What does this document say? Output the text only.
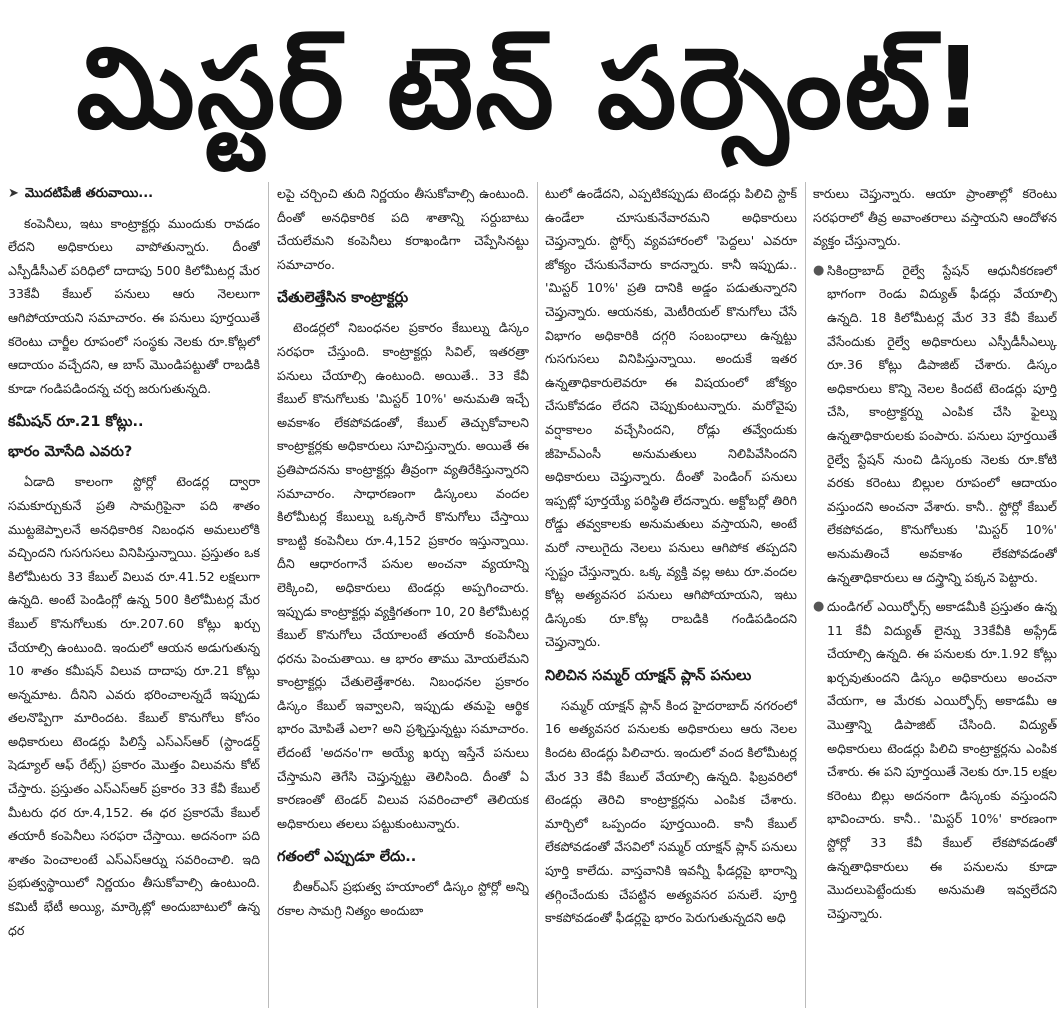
మిస్టర్ టెన్ పర్సెంట్!
➤ మొదటిపేజీ తరువాయి...

కంపెనీలు, ఇటు కాంట్రాక్టర్లు ముందుకు రావడం లేదని అధికారులు వాపోతున్నారు. దీంతో ఎస్పీడీసీఎల్ పరిధిలో దాదాపు 500 కిలోమీటర్ల మేర 33కేవీ కేబుల్ పనులు ఆరు నెలలుగా ఆగిపోయాయని సమాచారం. ఈ పనులు పూర్తయితే కరెంటు చార్జీల రూపంలో సంస్థకు నెలకు రూ.కోట్లలో ఆదాయం వచ్చేదని, ఆ బాస్ మొండిపట్టుతో రాబడికి కూడా గండిపడిందన్న చర్చ జరుగుతున్నది.

కమీషన్ రూ.21 కోట్లు..
భారం మోసేది ఎవరు?

ఏడాది కాలంగా స్టోర్లో టెండర్ల ద్వారా సమకూర్చుకునే ప్రతి సామగ్రిపైనా పది శాతం ముట్టజెప్పాలనే అనధికారిక నిబంధన అమలులోకి వచ్చిందని గుసగుసలు వినిపిస్తున్నాయి. ప్రస్తుతం ఒక కిలోమీటరు 33 కేబుల్ విలువ రూ.41.52 లక్షలుగా ఉన్నది. అంటే పెండింగ్లో ఉన్న 500 కిలోమీటర్ల మేర కేబుల్ కొనుగోలుకు రూ.207.60 కోట్లు ఖర్చు చేయాల్సి ఉంటుంది. ఇందులో ఆయన అడుగుతున్న 10 శాతం కమీషన్ విలువ దాదాపు రూ.21 కోట్లు అన్నమాట. దీనిని ఎవరు భరించాలన్నదే ఇప్పుడు తలనొప్పిగా మారిందట. కేబుల్ కొనుగోలు కోసం అధికారులు టెండర్లు పిలిస్తే ఎస్ఎస్ఆర్ (స్టాండర్డ్ షెడ్యూల్ ఆఫ్ రేట్స్) ప్రకారం మొత్తం విలువను కోట్ చేస్తారు. ప్రస్తుతం ఎస్ఎస్ఆర్ ప్రకారం 33 కేవీ కేబుల్ మీటరు ధర రూ.4,152. ఈ ధర ప్రకారమే కేబుల్ తయారీ కంపెనీలు సరఫరా చేస్తాయి. అదనంగా పది శాతం పెంచాలంటే ఎస్ఎస్ఆర్ను సవరించాలి. ఇది ప్రభుత్వస్థాయిలో నిర్ణయం తీసుకోవాల్సి ఉంటుంది. కమిటీ భేటీ అయ్యి, మార్కెట్లో అందుబాటులో ఉన్న ధర

లపై చర్చించి తుది నిర్ణయం తీసుకోవాల్సి ఉంటుంది. దీంతో అనధికారిక పది శాతాన్ని సర్దుబాటు చేయలేమని కంపెనీలు కరాఖండిగా చెప్పేసినట్టు సమాచారం.

చేతులెత్తేసిన కాంట్రాక్టర్లు

టెండర్లలో నిబంధనల ప్రకారం కేబుల్ను డిస్కం సరఫరా చేస్తుంది. కాంట్రాక్టర్లు సివిల్, ఇతరత్రా పనులు చేయాల్సి ఉంటుంది. అయితే.. 33 కేవీ కేబుల్ కొనుగోలుకు 'మిస్టర్ 10%' అనుమతి ఇచ్చే అవకాశం లేకపోవడంతో, కేబుల్ తెచ్చుకోవాలని కాంట్రాక్టర్లకు అధికారులు సూచిస్తున్నారు. అయితే ఈ ప్రతిపాదనను కాంట్రాక్టర్లు తీవ్రంగా వ్యతిరేకిస్తున్నారని సమాచారం. సాధారణంగా డిస్కంలు వందల కిలోమీటర్ల కేబుల్ను ఒక్కసారే కొనుగోలు చేస్తాయి కాబట్టి కంపెనీలు రూ.4,152 ప్రకారం ఇస్తున్నాయి. దీని ఆధారంగానే పనుల అంచనా వ్యయాన్ని లెక్కించి, అధికారులు టెండర్లు అప్పగించారు. ఇప్పుడు కాంట్రాక్టర్లు వ్యక్తిగతంగా 10, 20 కిలోమీటర్ల కేబుల్ కొనుగోలు చేయాలంటే తయారీ కంపెనీలు ధరను పెంచుతాయి. ఆ భారం తాము మోయలేమని కాంట్రాక్టర్లు చేతులెత్తేశారట. నిబంధనల ప్రకారం డిస్కం కేబుల్ ఇవ్వాలని, ఇప్పుడు తమపై ఆర్థిక భారం మోపితే ఎలా? అని ప్రశ్నిస్తున్నట్టు సమాచారం. లేదంటే 'అదనం'గా అయ్యే ఖర్చు ఇస్తేనే పనులు చేస్తామని తెగేసి చెప్తున్నట్టు తెలిసింది. దీంతో ఏ కారణంతో టెండర్ విలువ సవరించాలో తెలియక అధికారులు తలలు పట్టుకుంటున్నారు.

గతంలో ఎప్పుడూ లేదు..

బీఆర్ఎస్ ప్రభుత్వ హయాంలో డిస్కం స్టోర్లో అన్ని రకాల సామగ్రి నిత్యం అందుబా

టులో ఉండేదని, ఎప్పటికప్పుడు టెండర్లు పిలిచి స్టాక్ ఉండేలా చూసుకునేవారమని అధికారులు చెప్తున్నారు. స్టోర్స్ వ్యవహారంలో 'పెద్దలు' ఎవరూ జోక్యం చేసుకునేవారు కాదన్నారు. కానీ ఇప్పుడు.. 'మిస్టర్ 10%' ప్రతి దానికి అడ్డం పడుతున్నారని చెప్తున్నారు. ఆయనకు, మెటీరియల్ కొనుగోలు చేసే విభాగం అధికారికి దగ్గరి సంబంధాలు ఉన్నట్టు గుసగుసలు వినిపిస్తున్నాయి. అందుకే ఇతర ఉన్నతాధికారులెవరూ ఈ విషయంలో జోక్యం చేసుకోవడం లేదని చెప్పుకుంటున్నారు. మరోవైపు వర్షాకాలం వచ్చేసిందని, రోడ్లు తవ్వేందుకు జీహెచ్ఎంసీ అనుమతులు నిలిపివేసిందని అధికారులు చెప్తున్నారు. దీంతో పెండింగ్ పనులు ఇప్పట్లో పూర్తయ్యే పరిస్థితి లేదన్నారు. అక్టోబర్లో తిరిగి రోడ్డు తవ్వకాలకు అనుమతులు వస్తాయని, అంటే మరో నాలుగైదు నెలలు పనులు ఆగిపోక తప్పదని స్పష్టం చేస్తున్నారు. ఒక్క వ్యక్తి వల్ల అటు రూ.వందల కోట్ల అత్యవసర పనులు ఆగిపోయాయని, ఇటు డిస్కంకు రూ.కోట్ల రాబడికి గండిపడిందని చెప్తున్నారు.

నిలిచిన సమ్మర్ యాక్షన్ ప్లాన్ పనులు

సమ్మర్ యాక్షన్ ప్లాన్ కింద హైదరాబాద్ నగరంలో 16 అత్యవసర పనులకు అధికారులు ఆరు నెలల కిందట టెండర్లు పిలిచారు. ఇందులో వంద కిలోమీటర్ల మేర 33 కేవీ కేబుల్ వేయాల్సి ఉన్నది. ఫిబ్రవరిలో టెండర్లు తెరిచి కాంట్రాక్టర్లను ఎంపిక చేశారు. మార్చిలో ఒప్పందం పూర్తయింది. కానీ కేబుల్ లేకపోవడంతో వేసవిలో సమ్మర్ యాక్షన్ ప్లాన్ పనులు పూర్తి కాలేదు. వాస్తవానికి ఇవన్నీ ఫీడర్లపై భారాన్ని తగ్గించేందుకు చేపట్టిన అత్యవసర పనులే. పూర్తి కాకపోవడంతో ఫీడర్లపై భారం పెరుగుతున్నదని అధి

కారులు చెప్తున్నారు. ఆయా ప్రాంతాల్లో కరెంటు సరఫరాలో తీవ్ర అవాంతరాలు వస్తాయని ఆందోళన వ్యక్తం చేస్తున్నారు.

● సికింద్రాబాద్ రైల్వే స్టేషన్ ఆధునీకరణలో భాగంగా రెండు విద్యుత్ ఫీడర్లు వేయాల్సి ఉన్నది. 18 కిలోమీటర్ల మేర 33 కేవీ కేబుల్ వేసేందుకు రైల్వే అధికారులు ఎస్పీడీసీఎల్కు రూ.36 కోట్లు డిపాజిట్ చేశారు. డిస్కం అధికారులు కొన్ని నెలల కిందటే టెండర్లు పూర్తి చేసి, కాంట్రాక్టర్ను ఎంపిక చేసి ఫైల్ను ఉన్నతాధికారులకు పంపారు. పనులు పూర్తయితే రైల్వే స్టేషన్ నుంచి డిస్కంకు నెలకు రూ.కోటి వరకు కరెంటు బిల్లుల రూపంలో ఆదాయం వస్తుందని అంచనా వేశారు. కానీ.. స్టోర్లో కేబుల్ లేకపోవడం, కొనుగోలుకు 'మిస్టర్ 10%' అనుమతించే అవకాశం లేకపోవడంతో ఉన్నతాధికారులు ఆ దస్త్రాన్ని పక్కన పెట్టారు.
● దుండిగల్ ఎయిర్ఫోర్స్ అకాడమీకి ప్రస్తుతం ఉన్న 11 కేవీ విద్యుత్ లైన్ను 33కేవీకి అప్గ్రేడ్ చేయాల్సి ఉన్నది. ఈ పనులకు రూ.1.92 కోట్లు ఖర్చవుతుందని డిస్కం అధికారులు అంచనా వేయగా, ఆ మేరకు ఎయిర్ఫోర్స్ అకాడమీ ఆ మొత్తాన్ని డిపాజిట్ చేసింది. విద్యుత్ అధికారులు టెండర్లు పిలిచి కాంట్రాక్టర్లను ఎంపిక చేశారు. ఈ పని పూర్తయితే నెలకు రూ.15 లక్షల కరెంటు బిల్లు అదనంగా డిస్కంకు వస్తుందని భావించారు. కానీ.. 'మిస్టర్ 10%' కారణంగా స్టోర్లో 33 కేవీ కేబుల్ లేకపోవడంతో ఉన్నతాధికారులు ఈ పనులను కూడా మొదలుపెట్టేందుకు అనుమతి ఇవ్వలేదని చెప్తున్నారు.
